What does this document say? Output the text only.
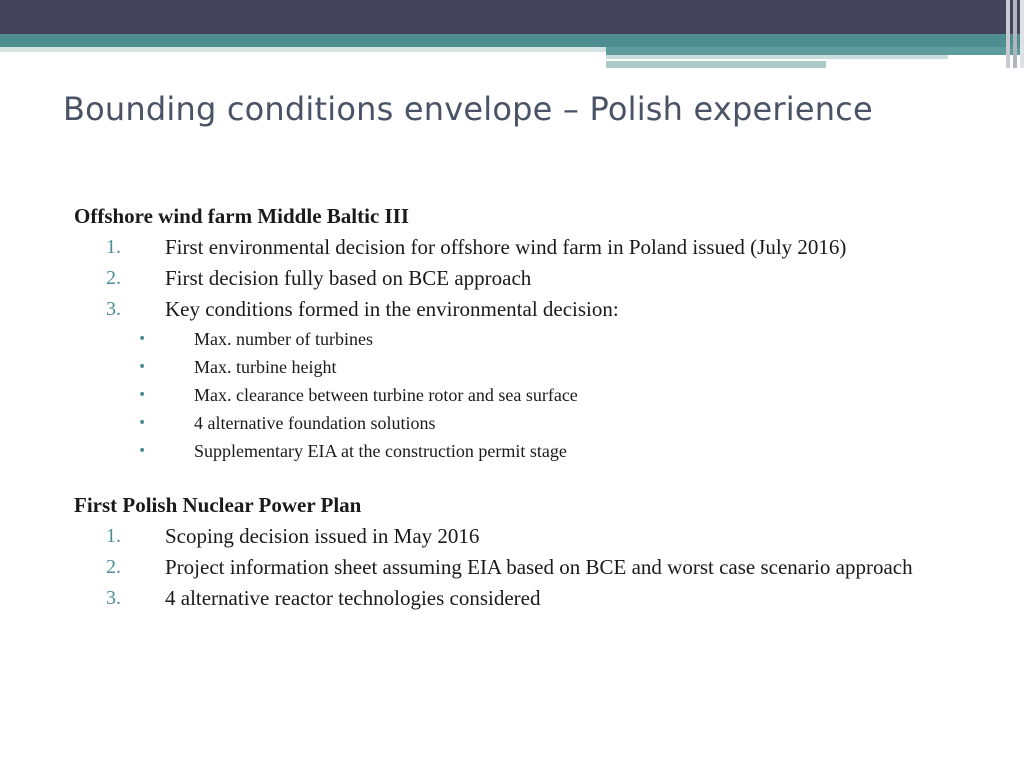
Bounding conditions envelope – Polish experience
Offshore wind farm Middle Baltic III
1. First environmental decision for offshore wind farm in Poland issued (July 2016)
2. First decision fully based on BCE approach
3. Key conditions formed in the environmental decision:
•	Max. number of turbines
•	Max. turbine height
•	Max. clearance between turbine rotor and sea surface
•	4 alternative foundation solutions
•	Supplementary EIA at the construction permit stage
First Polish Nuclear Power Plan
1. Scoping decision issued in May 2016
2. Project information sheet assuming EIA based on BCE and worst case scenario approach
3. 4 alternative reactor technologies considered
